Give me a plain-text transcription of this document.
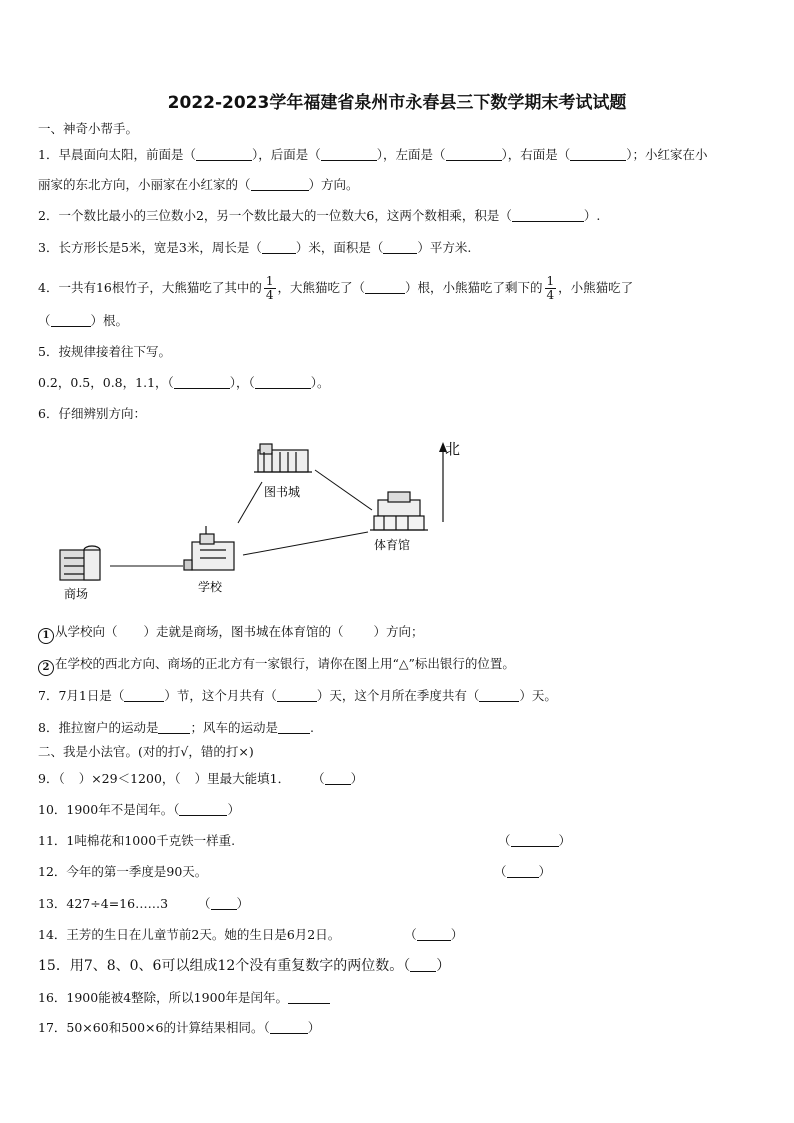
2022-2023学年福建省泉州市永春县三下数学期末考试试题
一、神奇小帮手。
1．早晨面向太阳，前面是（	），后面是（	），左面是（	），右面是（	）；小红家在小
丽家的东北方向，小丽家在小红家的（	）方向。
2．一个数比最小的三位数小2，另一个数比最大的一位数大6，这两个数相乘，积是（	）.
3．长方形长是5米，宽是3米，周长是（	）米，面积是（	）平方米.
4．一共有16根竹子，大熊猫吃了其中的 $\frac{1}{4}$ ，大熊猫吃了（	）根，小熊猫吃了剩下的 $\frac{1}{4}$ ，小熊猫吃了
（	）根。
5．按规律接着往下写。
0.2，0.5，0.8，1.1，（	），（	）。
6．仔细辨别方向：
北
图书城
体育馆
学校
商场
1 从学校向（ ）走就是商场，图书城在体育馆的（ ）方向；
2 在学校的西北方向、商场的正北方有一家银行，请你在图上用“△”标出银行的位置。
7．7月1日是（	）节，这个月共有（	）天，这个月所在季度共有（	）天。
8．推拉窗户的运动是	；风车的运动是	.
二、我是小法官。(对的打√，错的打×)
9．（ ）×29＜1200，（ ）里最大能填1． （ ）
10．1900年不是闰年。（	）
11．1吨棉花和1000千克铁一样重.	（	）
12．今年的第一季度是90天。	（	）
13．427÷4=16……3 （ ）
14．王芳的生日在儿童节前2天。她的生日是6月2日。	（	）
15．用7、8、0、6可以组成12个没有重复数字的两位数。（ ）
16．1900能被4整除，所以1900年是闰年。
17．50×60和500×6的计算结果相同。（	）
